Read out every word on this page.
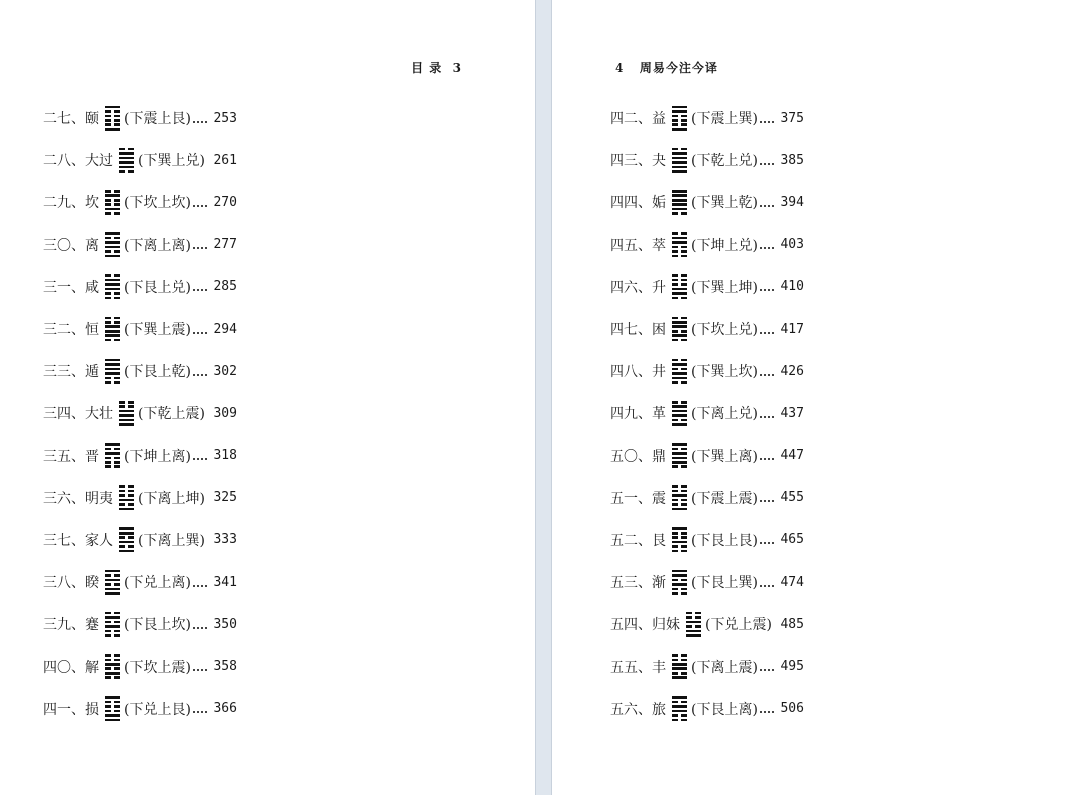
目 录  3	4   周易今注今译
二七、 颐 (下震上艮) 253
二八、 大过 (下巽上兑) 261
二九、 坎 (下坎上坎) 270
三〇、 离 (下离上离) 277
三一、 咸 (下艮上兑) 285
三二、 恒 (下巽上震) 294
三三、 遁 (下艮上乾) 302
三四、 大壮 (下乾上震) 309
三五、 晋 (下坤上离) 318
三六、 明夷 (下离上坤) 325
三七、 家人 (下离上巽) 333
三八、 睽 (下兑上离) 341
三九、 蹇 (下艮上坎) 350
四〇、 解 (下坎上震) 358
四一、 损 (下兑上艮) 366
四二、 益 (下震上巽) 375
四三、 夬 (下乾上兑) 385
四四、 姤 (下巽上乾) 394
四五、 萃 (下坤上兑) 403
四六、 升 (下巽上坤) 410
四七、 困 (下坎上兑) 417
四八、 井 (下巽上坎) 426
四九、 革 (下离上兑) 437
五〇、 鼎 (下巽上离) 447
五一、 震 (下震上震) 455
五二、 艮 (下艮上艮) 465
五三、 渐 (下艮上巽) 474
五四、 归妹 (下兑上震) 485
五五、 丰 (下离上震) 495
五六、 旅 (下艮上离) 506
